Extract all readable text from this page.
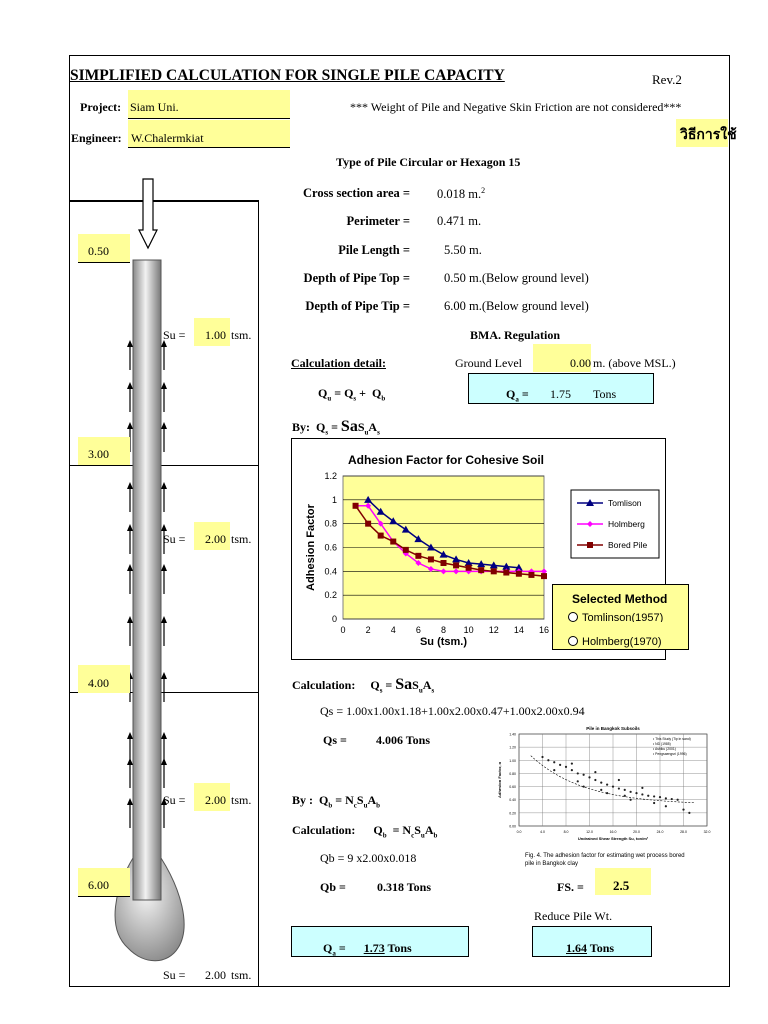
SIMPLIFIED CALCULATION FOR SINGLE PILE CAPACITY	Rev.2
Project: Siam Uni.
Engineer: W.Chalermkiat
*** Weight of Pile and Negative Skin Friction are not considered***
วิธีการใช้
Type of Pile Circular or Hexagon 15
Cross section area = 0.018 m.$^2$
Perimeter = 0.471 m.
Pile Length =	5.50 m.
Depth of Pipe Top =	0.50 m.(Below ground level)
Depth of Pipe Tip =	6.00 m.(Below ground level)
BMA. Regulation
Calculation detail:	Ground Level	0.00 m. (above MSL.)
$Q_u = Q_s + Q_b$	$Q_a = 1.75$ Tons
By:  $Q_s = SaS_uA_s$
Adhesion Factor for Cohesive Soil
0
0.2
0.4
0.6
0.8
1
1.2
0 2 4 6 8 10 12 14 16
Su (tsm.)
Adhesion Factor
Tomlison
Holmberg
Bored Pile
Selected Method
Tomlinson(1957)
Holmberg(1970)
Calculation:     $Q_s = SaS_uA_s$
Qs = 1.00x1.00x1.18+1.00x2.00x0.47+1.00x2.00x0.94
Qs = 4.006 Tons
Pile in Bangkok Subsoils
1.40
1.20
1.00
0.80
0.60
0.40
0.20
0.00
0.0	4.0	8.0	12.0	16.0	20.0	24.0	28.0	32.0
Undrained Shear Strength Su, ton/m²
Adhesion Factor, α
• This Study (Tip in sand)
• ND (1985)
• Ashiku (2001)
• Pengsaengsri (1996)
Fig. 4. The adhesion factor for estimating wet process bored pile in Bangkok clay
By :  $Q_b = N_cS_uA_b$
Calculation:      $Q_b = N_cS_uA_b$
Qb = 9 x2.00x0.018
Qb =	0.318 Tons	FS. = 2.5
Reduce Pile Wt.
$Q_a$ =      1.73 Tons	1.64 Tons
0.50
3.00
4.00
6.00
Su = 1.00 tsm.
Su = 2.00 tsm.
Su = 2.00 tsm.
Su = 2.00 tsm.
